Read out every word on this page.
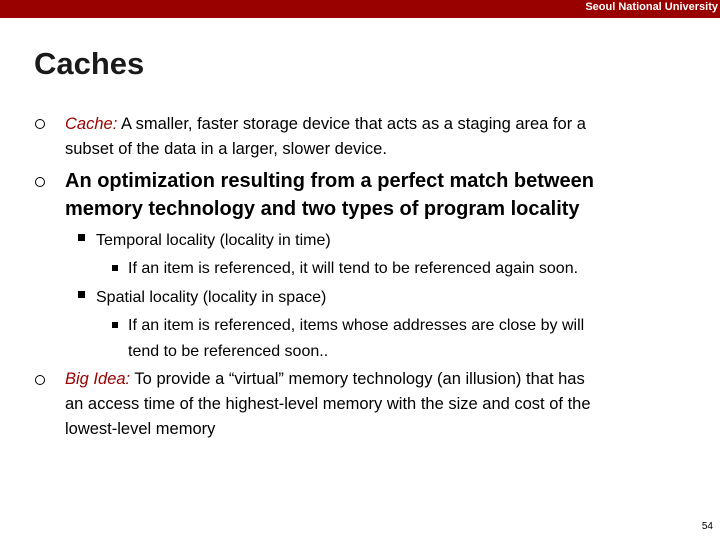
Seoul National University
Caches
Cache: A smaller, faster storage device that acts as a staging area for a
subset of the data in a larger, slower device.
An optimization resulting from a perfect match between
memory technology and two types of program locality
Temporal locality (locality in time)
If an item is referenced, it will tend to be referenced again soon.
Spatial locality (locality in space)
If an item is referenced, items whose addresses are close by will
tend to be referenced soon..
Big Idea: To provide a “virtual” memory technology (an illusion) that has
an access time of the highest-level memory with the size and cost of the
lowest-level memory
54
